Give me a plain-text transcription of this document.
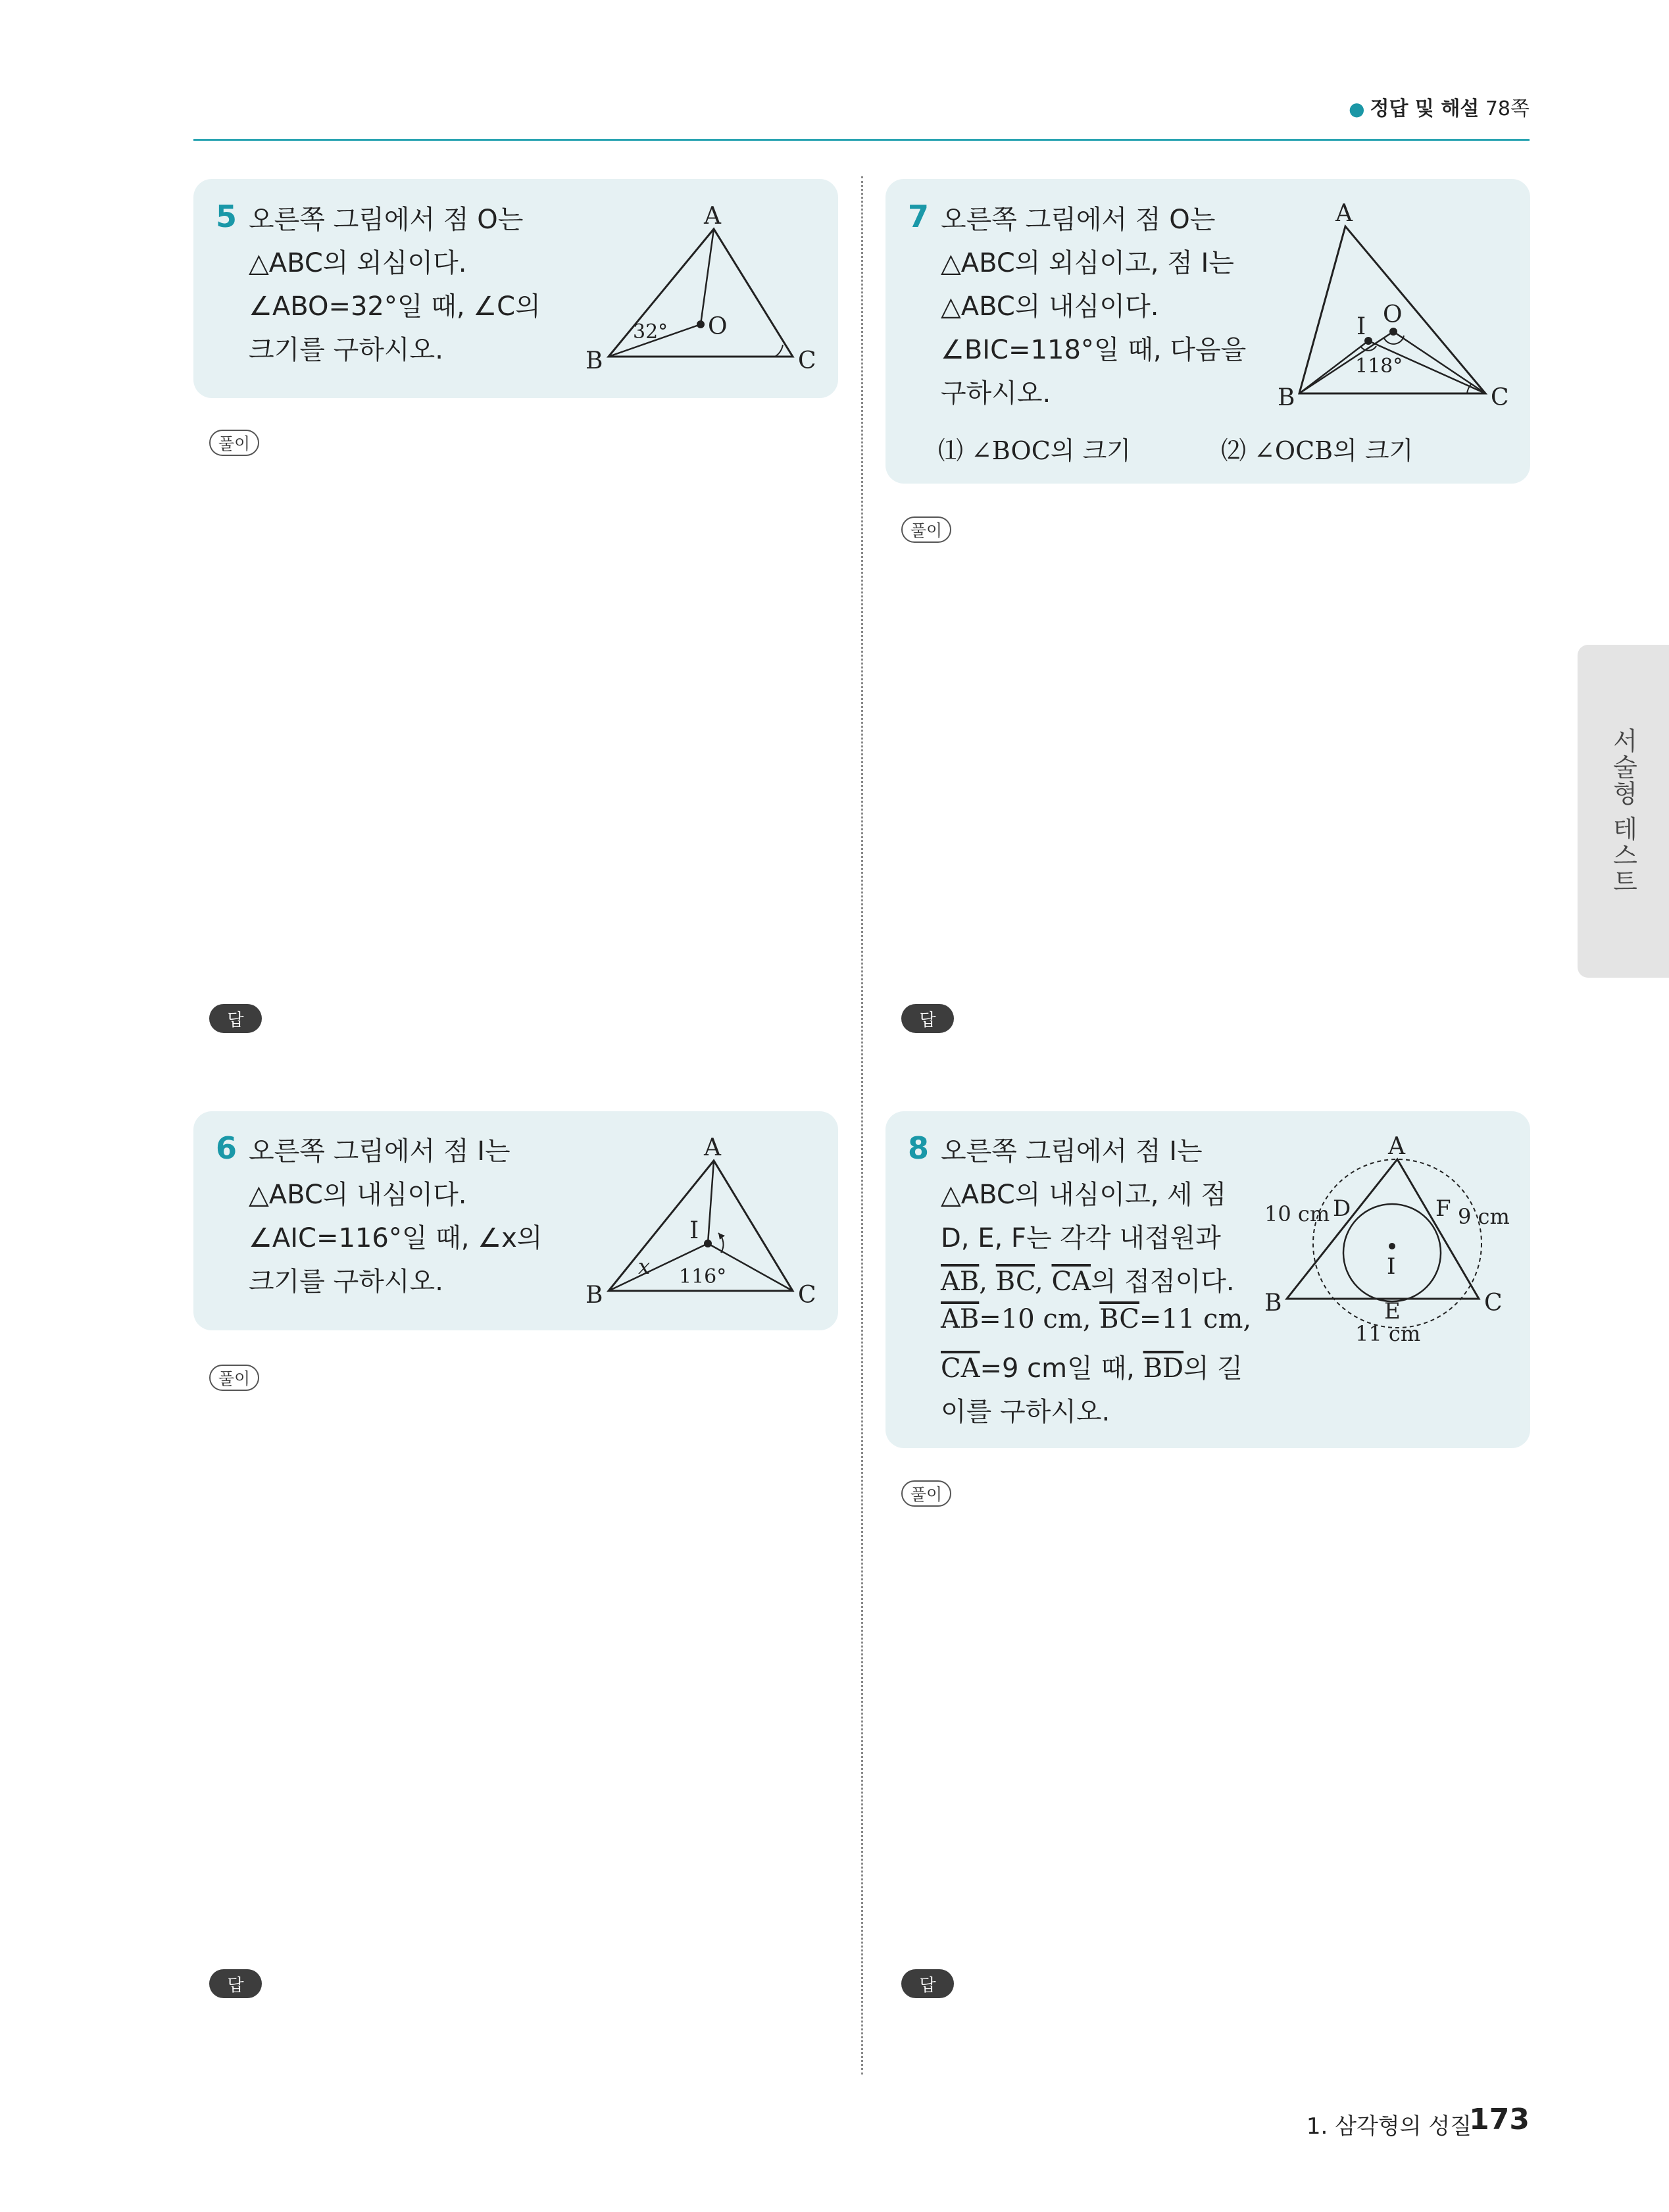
● 정답 및 해설 78쪽
서술형 테스트
5 오른쪽 그림에서 점 O는
△ABC의 외심이다.
∠ABO=32°일 때, ∠C의
크기를 구하시오.
A
B	C
O
32°
풀이
답
6 오른쪽 그림에서 점 I는
△ABC의 내심이다.
∠AIC=116°일 때, ∠x의
크기를 구하시오.
A
B	C
I
x 116°
풀이
답
7 오른쪽 그림에서 점 O는
△ABC의 외심이고, 점 I는
△ABC의 내심이다.
∠BIC=118°일 때, 다음을
구하시오.
⑴ ∠BOC의 크기	⑵ ∠OCB의 크기
A
B	C
I O
118°
풀이
답
8 오른쪽 그림에서 점 I는
△ABC의 내심이고, 세 점
D, E, F는 각각 내접원과
$\overline{AB}$, $\overline{BC}$, $\overline{CA}$의 접점이다.
$\overline{AB}=10$ cm, $\overline{BC}=11$ cm,
$\overline{CA}=9$ cm일 때, $\overline{BD}$의 길
이를 구하시오.
A
B	C
D
E
F
I
10 cm	9 cm
11 cm
풀이
답
1. 삼각형의 성질
173
